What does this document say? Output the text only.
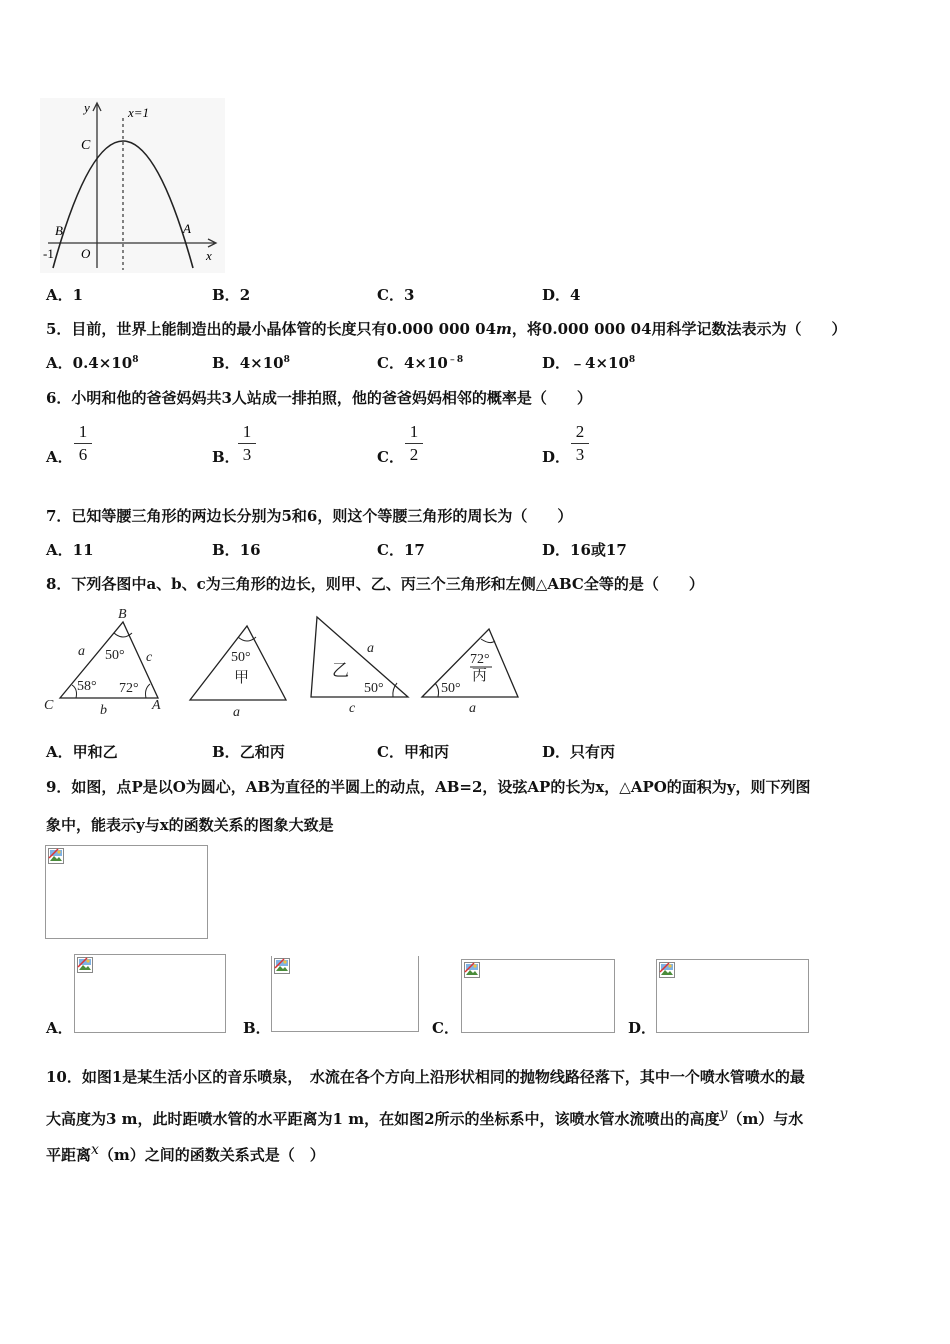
y	x=1
C
B	A
-1 O	x
A．1	B．2	C．3	D．4
5．目前，世界上能制造出的最小晶体管的长度只有0.000 000 04m，将0.000 000 04用科学记数法表示为（　　）
A．$0.4\times 10^8$	B．$4\times 10^8$	C．$4\times 10^{﹣8}$	D．$﹣4\times 10^8$
6．小明和他的爸爸妈妈共3人站成一排拍照，他的爸爸妈妈相邻的概率是（　　）
A．
1
6	B．
1
3	C．
1
2	D．
2
3
7．已知等腰三角形的两边长分别为5和6，则这个等腰三角形的周长为（　　）
A．11	B．16	C．17	D．16或17
8．下列各图中a、b、c为三角形的边长，则甲、乙、丙三个三角形和左侧△ABC全等的是（　　）
B
C	A
a	c
b
50°
58° 72°
50°
甲
a
a
乙
50°
c
72°
丙
50°
a
A．甲和乙	B．乙和丙	C．甲和丙	D．只有丙
9．如图，点P是以O为圆心，AB为直径的半圆上的动点，AB=2，设弦AP的长为x，△APO的面积为y，则下列图
象中，能表示y与x的函数关系的图象大致是
A．	B．	C．	D．
10．如图1是某生活小区的音乐喷泉，　水流在各个方向上沿形状相同的抛物线路径落下，其中一个喷水管喷水的最
大高度为3 m，此时距喷水管的水平距离为1 m，在如图2所示的坐标系中，该喷水管水流喷出的高度y（m）与水
平距离x（m）之间的函数关系式是（　）
